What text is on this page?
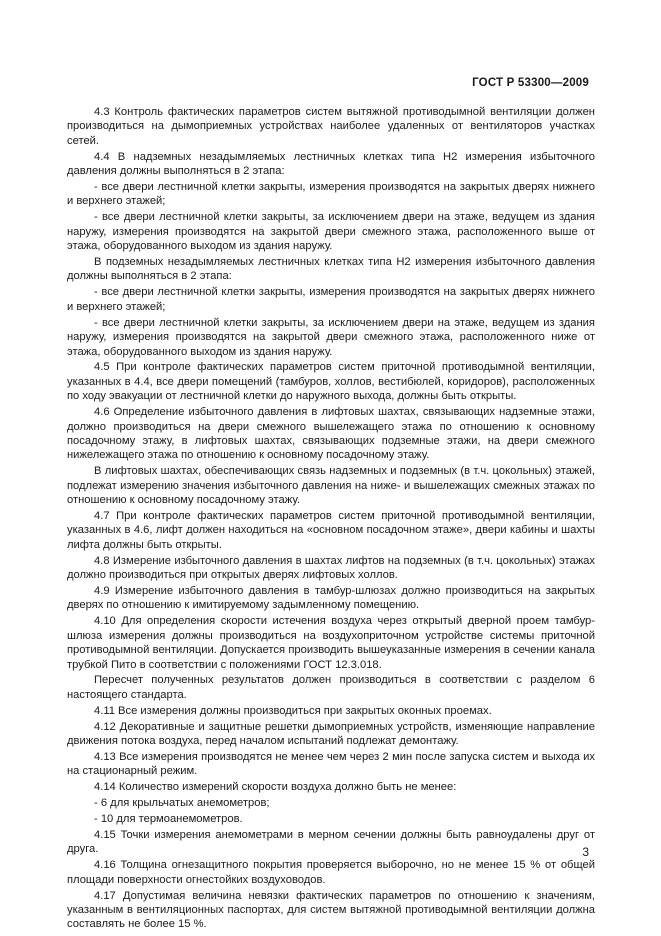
ГОСТ Р 53300—2009

4.3 Контроль фактических параметров систем вытяжной противодымной вентиляции должен производиться на дымоприемных устройствах наиболее удаленных от вентиляторов участках сетей.

4.4 В надземных незадымляемых лестничных клетках типа Н2 измерения избыточного давления должны выполняться в 2 этапа:

- все двери лестничной клетки закрыты, измерения производятся на закрытых дверях нижнего и верхнего этажей;

- все двери лестничной клетки закрыты, за исключением двери на этаже, ведущем из здания наружу, измерения производятся на закрытой двери смежного этажа, расположенного выше от этажа, оборудованного выходом из здания наружу.

В подземных незадымляемых лестничных клетках типа Н2 измерения избыточного давления должны выполняться в 2 этапа:

- все двери лестничной клетки закрыты, измерения производятся на закрытых дверях нижнего и верхнего этажей;

- все двери лестничной клетки закрыты, за исключением двери на этаже, ведущем из здания наружу, измерения производятся на закрытой двери смежного этажа, расположенного ниже от этажа, оборудованного выходом из здания наружу.

4.5 При контроле фактических параметров систем приточной противодымной вентиляции, указанных в 4.4, все двери помещений (тамбуров, холлов, вестибюлей, коридоров), расположенных по ходу эвакуации от лестничной клетки до наружного выхода, должны быть открыты.

4.6 Определение избыточного давления в лифтовых шахтах, связывающих надземные этажи, должно производиться на двери смежного вышележащего этажа по отношению к основному посадочному этажу, в лифтовых шахтах, связывающих подземные этажи, на двери смежного нижележащего этажа по отношению к основному посадочному этажу.

В лифтовых шахтах, обеспечивающих связь надземных и подземных (в т.ч. цокольных) этажей, подлежат измерению значения избыточного давления на ниже- и вышележащих смежных этажах по отношению к основному посадочному этажу.

4.7 При контроле фактических параметров систем приточной противодымной вентиляции, указанных в 4.6, лифт должен находиться на «основном посадочном этаже», двери кабины и шахты лифта должны быть открыты.

4.8 Измерение избыточного давления в шахтах лифтов на подземных (в т.ч. цокольных) этажах должно производиться при открытых дверях лифтовых холлов.

4.9 Измерение избыточного давления в тамбур-шлюзах должно производиться на закрытых дверях по отношению к имитируемому задымленному помещению.

4.10 Для определения скорости истечения воздуха через открытый дверной проем тамбур-шлюза измерения должны производиться на воздухоприточном устройстве системы приточной противодымной вентиляции. Допускается производить вышеуказанные измерения в сечении канала трубкой Пито в соответствии с положениями ГОСТ 12.3.018.

Пересчет полученных результатов должен производиться в соответствии с разделом 6 настоящего стандарта.

4.11 Все измерения должны производиться при закрытых оконных проемах.

4.12 Декоративные и защитные решетки дымоприемных устройств, изменяющие направление движения потока воздуха, перед началом испытаний подлежат демонтажу.

4.13 Все измерения производятся не менее чем через 2 мин после запуска систем и выхода их на стационарный режим.

4.14 Количество измерений скорости воздуха должно быть не менее:

- 6 для крыльчатых анемометров;

- 10 для термоанемометров.

4.15 Точки измерения анемометрами в мерном сечении должны быть равноудалены друг от друга.

4.16 Толщина огнезащитного покрытия проверяется выборочно, но не менее 15 % от общей площади поверхности огнестойких воздуховодов.

4.17 Допустимая величина невязки фактических параметров по отношению к значениям, указанным в вентиляционных паспортах, для систем вытяжной противодымной вентиляции должна составлять не более 15 %.

3
